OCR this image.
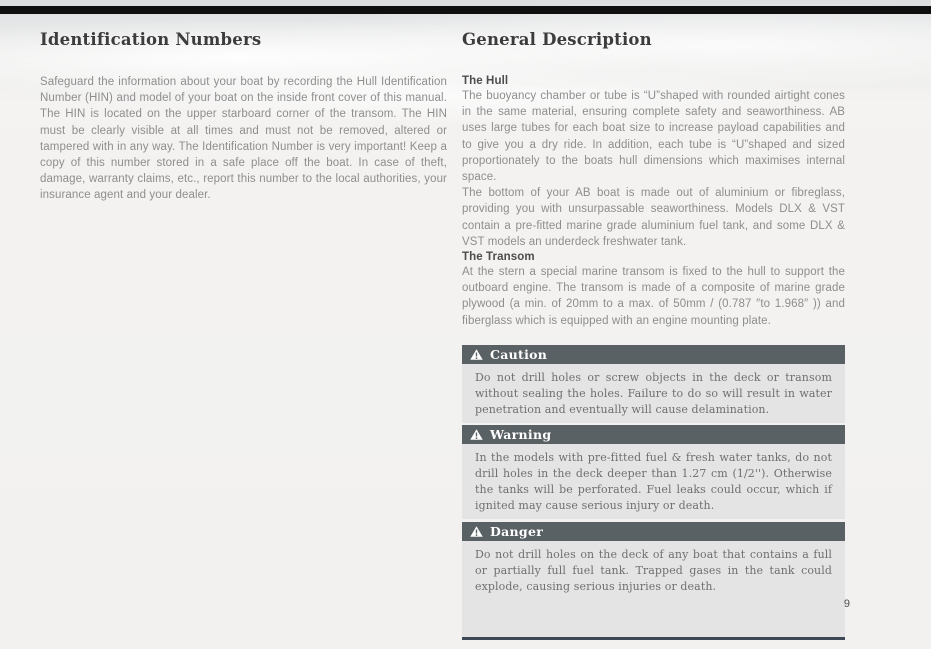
Identification Numbers

Safeguard the information about your boat by recording the Hull Identification Number (HIN) and model of your boat on the inside front cover of this manual. The HIN is located on the upper starboard corner of the transom. The HIN must be clearly visible at all times and must not be removed, altered or tampered with in any way. The Identification Number is very important! Keep a copy of this number stored in a safe place off the boat. In case of theft, damage, warranty claims, etc., report this number to the local authorities, your insurance agent and your dealer.

General Description
The Hull

The buoyancy chamber or tube is “U”shaped with rounded airtight cones in the same material, ensuring complete safety and seaworthiness. AB uses large tubes for each boat size to increase payload capabilities and to give you a dry ride. In addition, each tube is “U”shaped and sized proportionately to the boats hull dimensions which maximises internal space.

The bottom of your AB boat is made out of aluminium or fibreglass, providing you with unsurpassable seaworthiness. Models DLX & VST contain a pre-fitted marine grade aluminium fuel tank, and some DLX & VST models an underdeck freshwater tank.

The Transom

At the stern a special marine transom is fixed to the hull to support the outboard engine. The transom is made of a composite of marine grade plywood (a min. of 20mm to a max. of 50mm / (0.787 ″to 1.968″ )) and fiberglass which is equipped with an engine mounting plate.

Caution
Do not drill holes or screw objects in the deck or transom without sealing the holes. Failure to do so will result in water penetration and eventually will cause delamination.
Warning
In the models with pre-fitted fuel & fresh water tanks, do not drill holes in the deck deeper than 1.27 cm (1/2''). Otherwise the tanks will be perforated. Fuel leaks could occur, which if ignited may cause serious injury or death.
Danger
Do not drill holes on the deck of any boat that contains a full or partially full fuel tank. Trapped gases in the tank could explode, causing serious injuries or death.
9
